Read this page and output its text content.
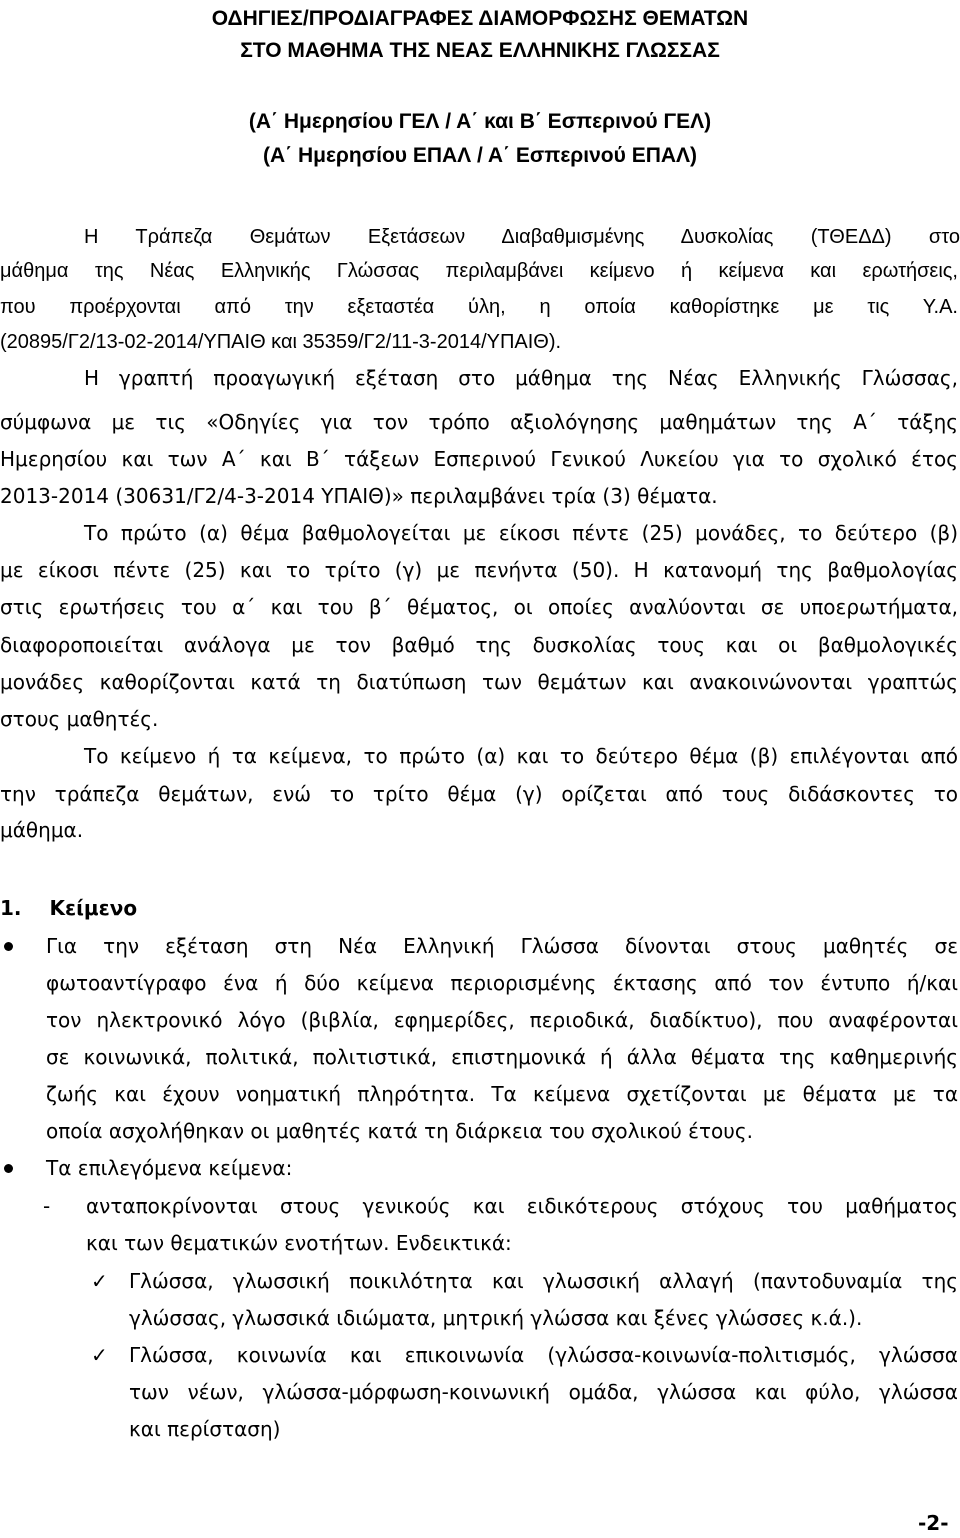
ΟΔΗΓΙΕΣ/ΠΡΟΔΙΑΓΡΑΦΕΣ ΔΙΑΜΟΡΦΩΣΗΣ ΘΕΜΑΤΩΝ
ΣΤΟ ΜΑΘΗΜΑ ΤΗΣ ΝΕΑΣ ΕΛΛΗΝΙΚΗΣ ΓΛΩΣΣΑΣ
(Α΄ Ημερησίου ΓΕΛ / Α΄ και Β΄ Εσπερινού ΓΕΛ)
(Α΄ Ημερησίου ΕΠΑΛ / Α΄ Εσπερινού ΕΠΑΛ)
Η Τράπεζα Θεμάτων Εξετάσεων Διαβαθμισμένης Δυσκολίας (ΤΘΕΔΔ) στο
μάθημα της Νέας Ελληνικής Γλώσσας περιλαμβάνει κείμενο ή κείμενα και ερωτήσεις,
που προέρχονται από την εξεταστέα ύλη, η οποία καθορίστηκε με τις Υ.Α.
(20895/Γ2/13-02-2014/ΥΠΑΙΘ και 35359/Γ2/11-3-2014/ΥΠΑΙΘ).
Η γραπτή προαγωγική εξέταση στο μάθημα της Νέας Ελληνικής Γλώσσας,
σύμφωνα με τις «Οδηγίες για τον τρόπο αξιολόγησης μαθημάτων της Α΄ τάξης
Ημερησίου και των Α΄ και Β΄ τάξεων Εσπερινού Γενικού Λυκείου για το σχολικό έτος
2013-2014 (30631/Γ2/4-3-2014 ΥΠΑΙΘ)» περιλαμβάνει τρία (3) θέματα.
Το πρώτο (α) θέμα βαθμολογείται με είκοσι πέντε (25) μονάδες, το δεύτερο (β)
με είκοσι πέντε (25) και το τρίτο (γ) με πενήντα (50). Η κατανομή της βαθμολογίας
στις ερωτήσεις του α΄ και του β΄ θέματος, οι οποίες αναλύονται σε υποερωτήματα,
διαφοροποιείται ανάλογα με τον βαθμό της δυσκολίας τους και οι βαθμολογικές
μονάδες καθορίζονται κατά τη διατύπωση των θεμάτων και ανακοινώνονται γραπτώς
στους μαθητές.
Το κείμενο ή τα κείμενα, το πρώτο (α) και το δεύτερο θέμα (β) επιλέγονται από
την τράπεζα θεμάτων, ενώ το τρίτο θέμα (γ) ορίζεται από τους διδάσκοντες το
μάθημα.
1. Κείμενο
Για την εξέταση στη Νέα Ελληνική Γλώσσα δίνονται στους μαθητές σε
φωτοαντίγραφο ένα ή δύο κείμενα περιορισμένης έκτασης από τον έντυπο ή/και
τον ηλεκτρονικό λόγο (βιβλία, εφημερίδες, περιοδικά, διαδίκτυο), που αναφέρονται
σε κοινωνικά, πολιτικά, πολιτιστικά, επιστημονικά ή άλλα θέματα της καθημερινής
ζωής και έχουν νοηματική πληρότητα. Τα κείμενα σχετίζονται με θέματα με τα
οποία ασχολήθηκαν οι μαθητές κατά τη διάρκεια του σχολικού έτους.
Τα επιλεγόμενα κείμενα:
- ανταποκρίνονται στους γενικούς και ειδικότερους στόχους του μαθήματος
και των θεματικών ενοτήτων. Ενδεικτικά:
✓ Γλώσσα, γλωσσική ποικιλότητα και γλωσσική αλλαγή (παντοδυναμία της
γλώσσας, γλωσσικά ιδιώματα, μητρική γλώσσα και ξένες γλώσσες κ.ά.).
✓ Γλώσσα, κοινωνία και επικοινωνία (γλώσσα-κοινωνία-πολιτισμός, γλώσσα
των νέων, γλώσσα-μόρφωση-κοινωνική ομάδα, γλώσσα και φύλο, γλώσσα
και περίσταση)
-2-
